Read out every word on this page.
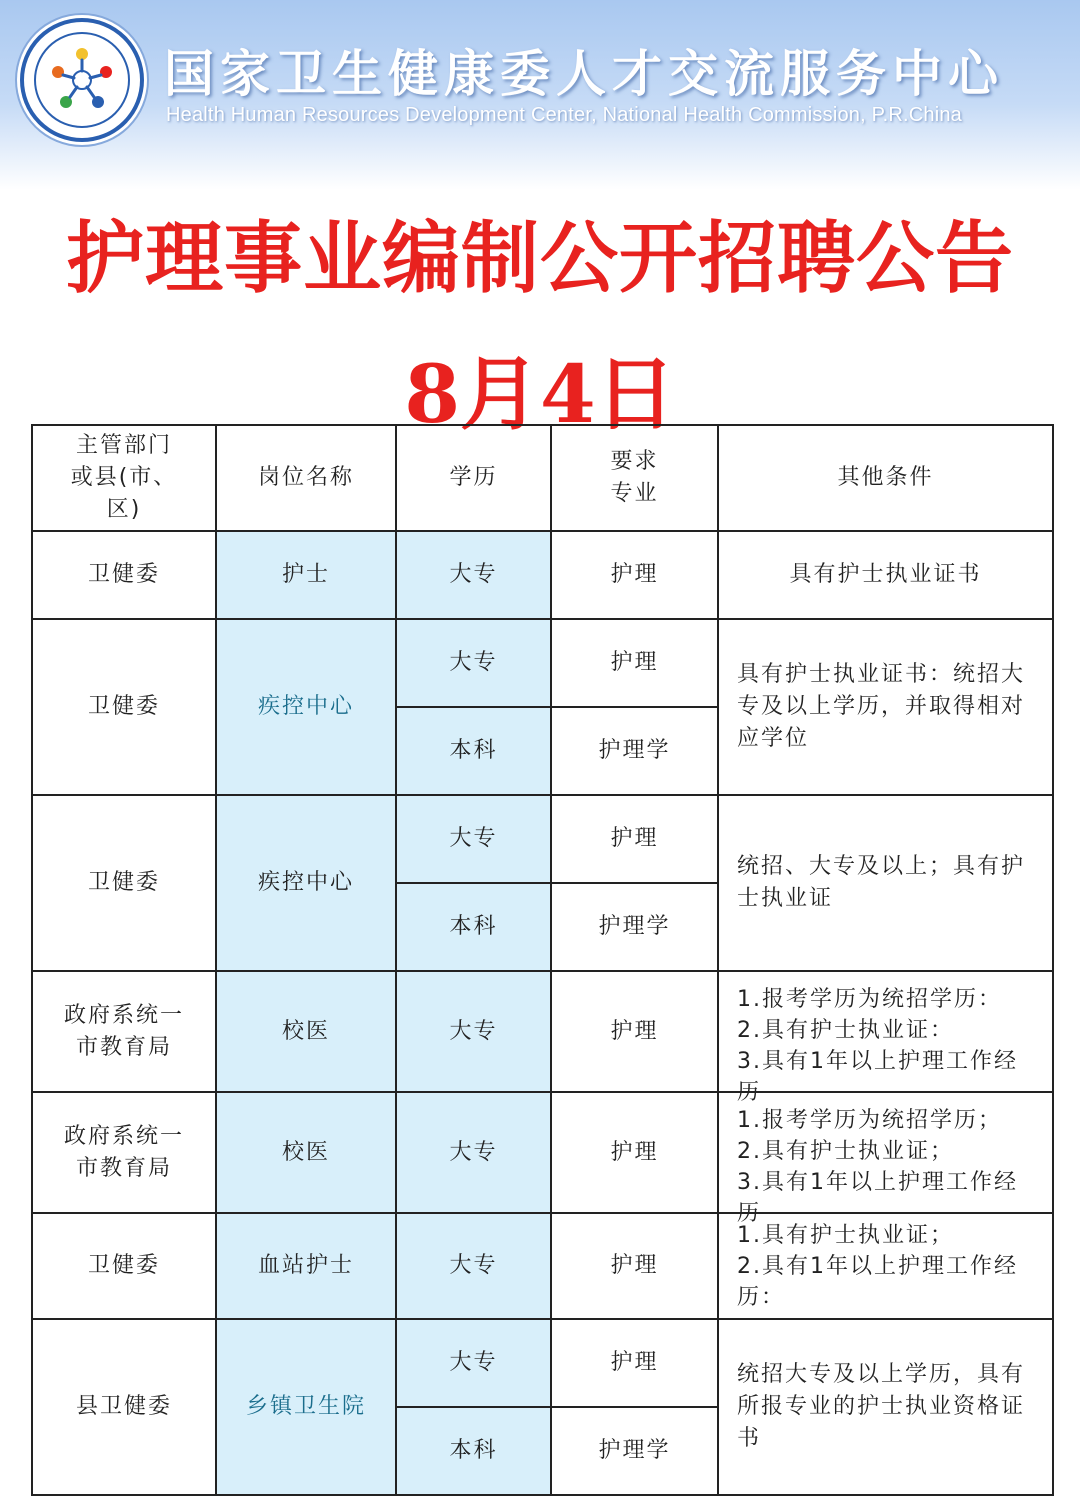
国家卫生健康委人才交流服务中心
Health Human Resources Development Center, National Health Commission, P.R.China
护理事业编制公开招聘公告
8月4日
主管部门或县(市、区)	岗位名称	学历	要求专业	其他条件
卫健委	护士	大专	护理	具有护士执业证书
卫健委	疾控中心	大专	护理	具有护士执业证书：统招大专及以上学历，并取得相对应学位
		本科	护理学	
卫健委	疾控中心	大专	护理	统招、大专及以上；具有护士执业证
		本科	护理学	

政府系统一市教育局	校医	大专	护理	1.报考学历为统招学历：
2.具有护士执业证：
3.具有1年以上护理工作经历

政府系统一市教育局	校医	大专	护理	1.报考学历为统招学历；
2.具有护士执业证；
3.具有1年以上护理工作经历

卫健委	血站护士	大专	护理	1.具有护士执业证；
2.具有1年以上护理工作经历：

县卫健委	乡镇卫生院	大专	护理	统招大专及以上学历，具有所报专业的护士执业资格证书
		本科	护理学	
